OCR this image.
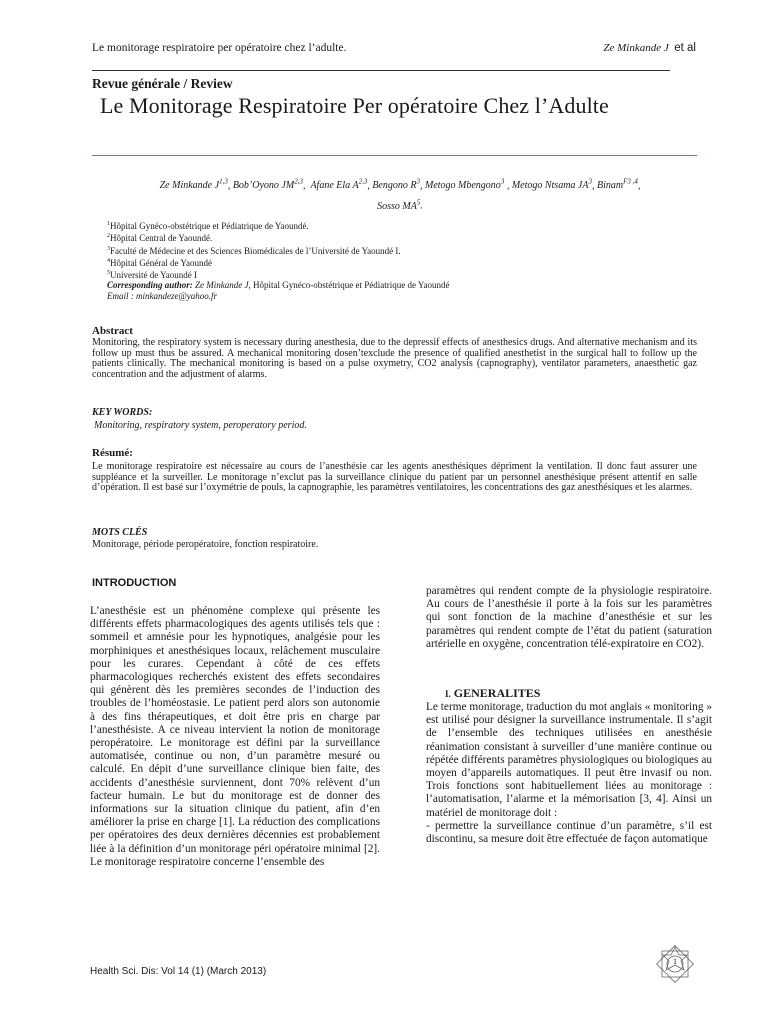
Le monitorage respiratoire per opératoire chez l’adulte.	Ze Minkande J et al
Revue générale / Review
Le Monitorage Respiratoire Per opératoire Chez l’Adulte
Ze Minkande J$^{1,3}$, Bob’Oyono JM$^{2,3}$,  Afane Ela A$^{2,3}$, Bengono $R^3$, Metogo Mbengono$^3$ , Metogo Ntsama $JA^3$, Binam$^{F3 ,4}$,
Sosso $MA^5$.
$^1$Hôpital Gynéco-obstétrique et Pédiatrique de Yaoundé.
$^2$Hôpital Central de Yaoundé.
$^3$Faculté de Médecine et des Sciences Biomédicales de l’Université de Yaoundé I.
$^4$Hôpital Général de Yaoundé
$^5$Université de Yaoundé I
Corresponding author: Ze Minkande J, Hôpital Gynéco-obstétrique et Pédiatrique de Yaoundé
Email : minkandeze@yahoo.fr
Abstract
Monitoring, the respiratory system is necessary during anesthesia, due to the depressif effects of anesthesics drugs. And alternative mechanism and its follow up must thus be assured. A mechanical monitoring dosen’texclude the presence of qualified anesthetist in the surgical hall to follow up the patients clinically. The mechanical monitoring is based on a pulse oxymetry, CO2 analysis (capnography), ventilator parameters, anaesthetic gaz concentration and the adjustment of alarms.
KEY WORDS:
Monitoring, respiratory system, peroperatory period.
Résumé:
Le monitorage respiratoire est nécessaire au cours de l’anesthésie car les agents anesthésiques dépriment la ventilation. Il donc faut assurer une suppléance et la surveiller. Le monitorage n’exclut pas la surveillance clinique du patient par un personnel anesthésique présent attentif en salle d’opération. Il est basé sur l’oxymétrie de pouls, la capnographie, les paramètres ventilatoires, les concentrations des gaz anesthésiques et les alarmes.
MOTS CLÉS
Monitorage, période peropératoire, fonction respiratoire.
INTRODUCTION

L’anesthésie est un phénomène complexe qui présente les différents effets pharmacologiques des agents utilisés tels que : sommeil et amnésie pour les hypnotiques, analgésie pour les morphiniques et anesthésiques locaux, relâchement musculaire pour les curares. Cependant à côté de ces effets pharmacologiques recherchés existent des effets secondaires qui génèrent dès les premières secondes de l’induction des troubles de l’homéostasie. Le patient perd alors son autonomie à des fins thérapeutiques, et doit être pris en charge par l’anesthésiste. A ce niveau intervient la notion de monitorage peropératoire. Le monitorage est défini par la surveillance automatisée, continue ou non, d’un paramètre mesuré ou calculé. En dépit d’une surveillance clinique bien faite, des accidents d’anesthésie surviennent, dont 70% relèvent d’un facteur humain. Le but du monitorage est de donner des informations sur la situation clinique du patient, afin d’en améliorer la prise en charge [1]. La réduction des complications per opératoires des deux dernières décennies est probablement liée à la définition d’un monitorage péri opératoire minimal [2]. Le monitorage respiratoire concerne l’ensemble des

paramètres qui rendent compte de la physiologie respiratoire. Au cours de l’anesthésie il porte à la fois sur les paramètres qui sont fonction de la machine d’anesthésie et sur les paramètres qui rendent compte de l’état du patient (saturation artérielle en oxygène, concentration télé-expiratoire en CO2).

I. GENERALITES

Le terme monitorage, traduction du mot anglais « monitoring » est utilisé pour désigner la surveillance instrumentale. Il s’agit de l’ensemble des techniques utilisées en anesthésie réanimation consistant à surveiller d’une manière continue ou répétée différents paramètres physiologiques ou biologiques au moyen d’appareils automatiques. Il peut être invasif ou non. Trois fonctions sont habituellement liées au monitorage : l’automatisation, l’alarme et la mémorisation [3, 4]. Ainsi un matériel de monitorage doit :

- permettre la surveillance continue d’un paramètre, s’il est discontinu, sa mesure doit être effectuée de façon automatique

Health Sci. Dis: Vol 14 (1) (March 2013)
1
